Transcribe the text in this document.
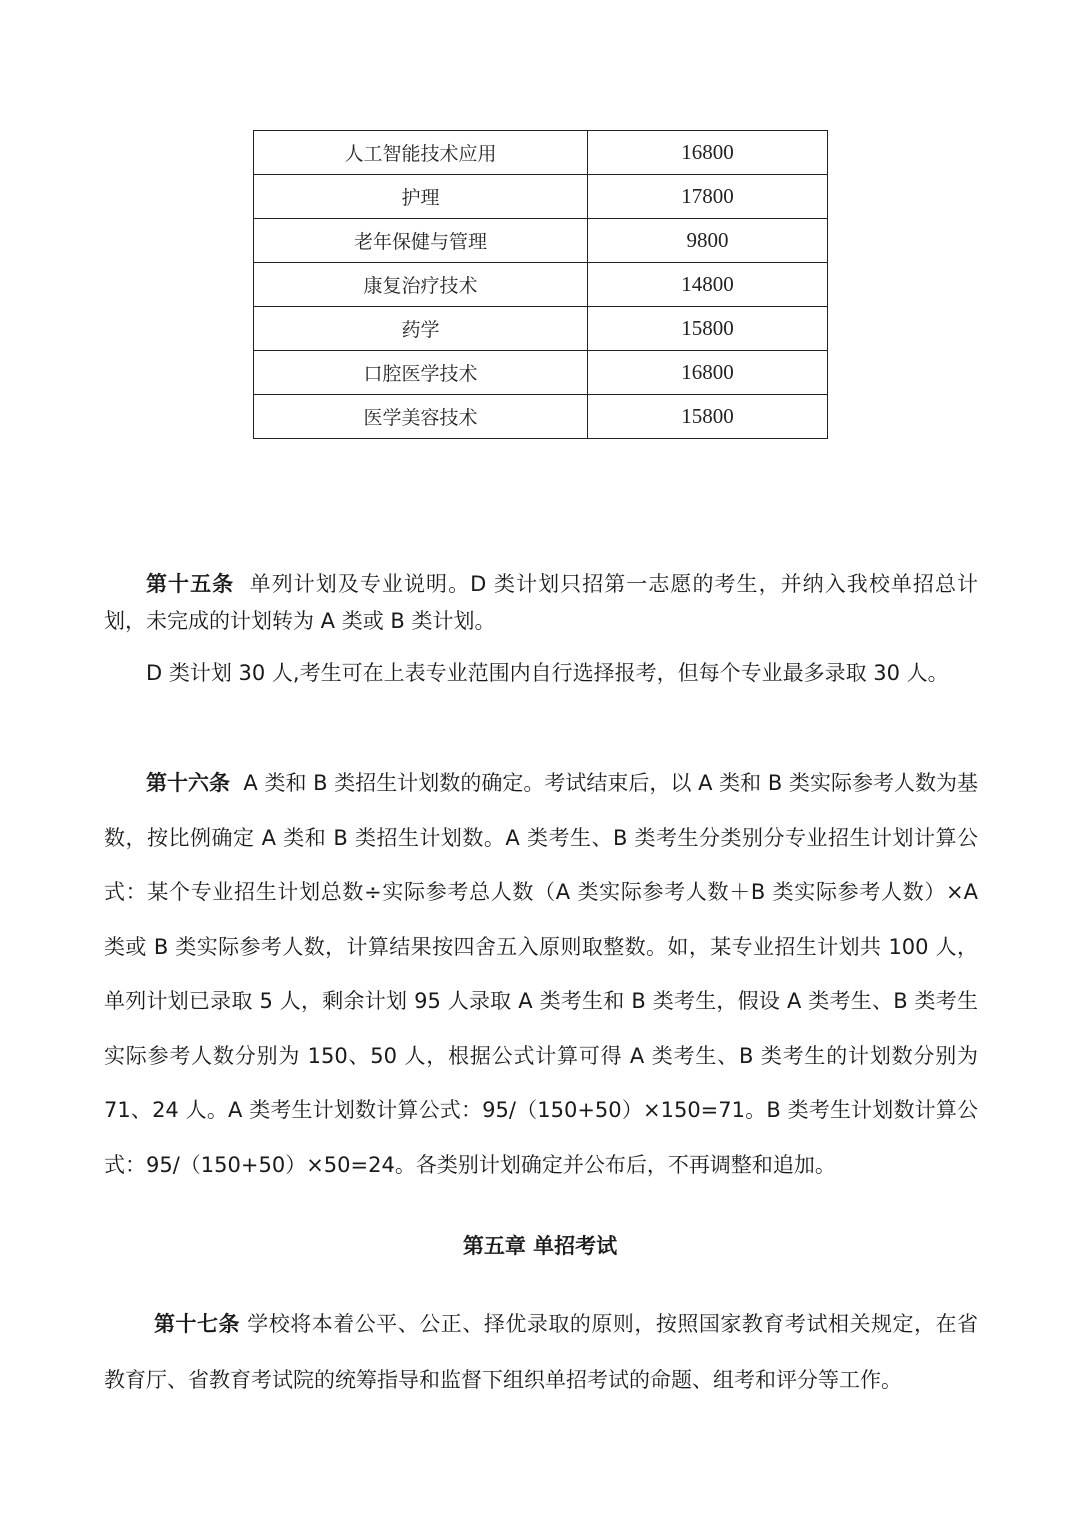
人工智能技术应用	16800
护理	17800
老年保健与管理	9800
康复治疗技术	14800
药学	15800
口腔医学技术	16800
医学美容技术	15800

第十五条 单列计划及专业说明。D 类计划只招第一志愿的考生，并纳入我校单招总计划，未完成的计划转为 A 类或 B 类计划。

D 类计划 30 人,考生可在上表专业范围内自行选择报考，但每个专业最多录取 30 人。

第十六条 A 类和 B 类招生计划数的确定。考试结束后，以 A 类和 B 类实际参考人数为基数，按比例确定 A 类和 B 类招生计划数。A 类考生、B 类考生分类别分专业招生计划计算公式：某个专业招生计划总数÷实际参考总人数（A 类实际参考人数＋B 类实际参考人数）×A 类或 B 类实际参考人数，计算结果按四舍五入原则取整数。如，某专业招生计划共 100 人，单列计划已录取 5 人，剩余计划 95 人录取 A 类考生和 B 类考生，假设 A 类考生、B 类考生实际参考人数分别为 150、50 人，根据公式计算可得 A 类考生、B 类考生的计划数分别为 71、24 人。A 类考生计划数计算公式：95/（150+50）×150=71。B 类考生计划数计算公式：95/（150+50）×50=24。各类别计划确定并公布后，不再调整和追加。

第五章 单招考试

第十七条 学校将本着公平、公正、择优录取的原则，按照国家教育考试相关规定，在省教育厅、省教育考试院的统筹指导和监督下组织单招考试的命题、组考和评分等工作。
